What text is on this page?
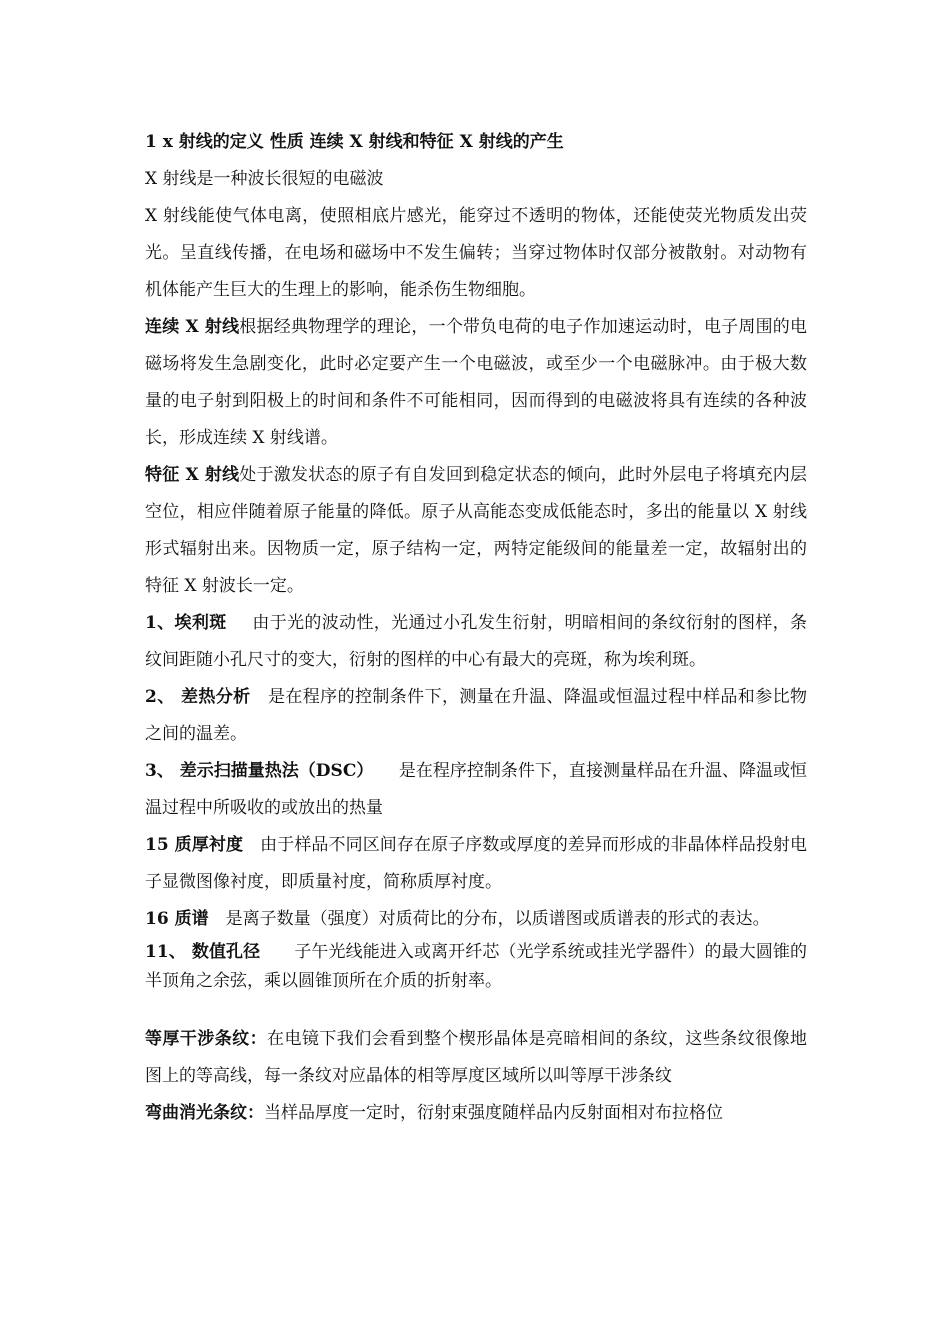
1 x 射线的定义 性质 连续 X 射线和特征 X 射线的产生

X 射线是一种波长很短的电磁波

X 射线能使气体电离，使照相底片感光，能穿过不透明的物体，还能使荧光物质发出荧光。呈直线传播，在电场和磁场中不发生偏转；当穿过物体时仅部分被散射。对动物有机体能产生巨大的生理上的影响，能杀伤生物细胞。

连续 X 射线根据经典物理学的理论，一个带负电荷的电子作加速运动时，电子周围的电磁场将发生急剧变化，此时必定要产生一个电磁波，或至少一个电磁脉冲。由于极大数量的电子射到阳极上的时间和条件不可能相同，因而得到的电磁波将具有连续的各种波长，形成连续 X 射线谱。

特征 X 射线处于激发状态的原子有自发回到稳定状态的倾向，此时外层电子将填充内层空位，相应伴随着原子能量的降低。原子从高能态变成低能态时，多出的能量以 X 射线形式辐射出来。因物质一定，原子结构一定，两特定能级间的能量差一定，故辐射出的特征 X 射波长一定。

1、埃利斑   由于光的波动性，光通过小孔发生衍射，明暗相间的条纹衍射的图样，条纹间距随小孔尺寸的变大，衍射的图样的中心有最大的亮斑，称为埃利斑。

2、 差热分析  是在程序的控制条件下，测量在升温、降温或恒温过程中样品和参比物之间的温差。

3、 差示扫描量热法（DSC）   是在程序控制条件下，直接测量样品在升温、降温或恒温过程中所吸收的或放出的热量

15 质厚衬度  由于样品不同区间存在原子序数或厚度的差异而形成的非晶体样品投射电子显微图像衬度，即质量衬度，简称质厚衬度。

16 质谱  是离子数量（强度）对质荷比的分布，以质谱图或质谱表的形式的表达。

11、 数值孔径   子午光线能进入或离开纤芯（光学系统或挂光学器件）的最大圆锥的半顶角之余弦，乘以圆锥顶所在介质的折射率。

等厚干涉条纹：在电镜下我们会看到整个楔形晶体是亮暗相间的条纹，这些条纹很像地图上的等高线，每一条纹对应晶体的相等厚度区域所以叫等厚干涉条纹

弯曲消光条纹：当样品厚度一定时，衍射束强度随样品内反射面相对布拉格位
